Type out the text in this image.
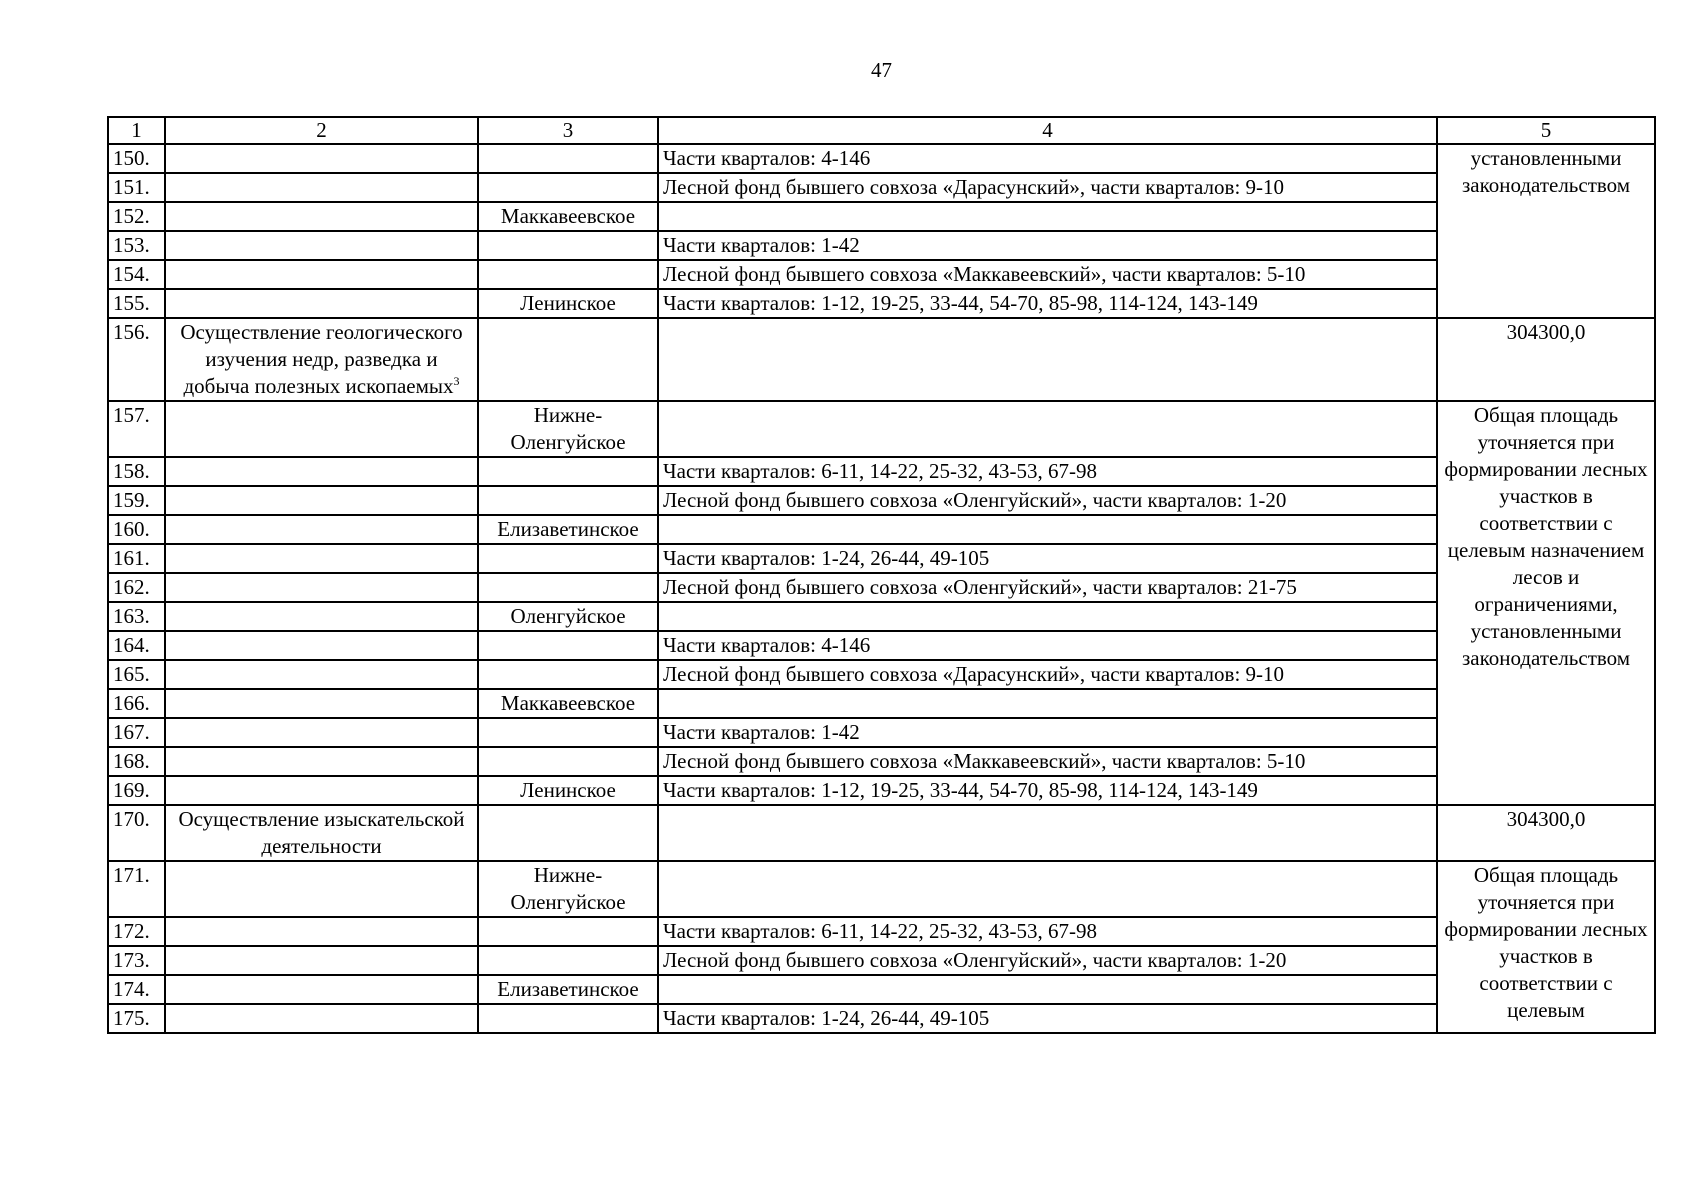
47
1	2	3	4	5
150.			Части кварталов: 4-146	установленными законодательством
151.			Лесной фонд бывшего совхоза «Дарасунский», части кварталов: 9-10	
152.		Маккавеевское		
153.			Части кварталов: 1-42	
154.			Лесной фонд бывшего совхоза «Маккавеевский», части кварталов: 5-10	
155.		Ленинское	Части кварталов: 1-12, 19-25, 33-44, 54-70, 85-98, 114-124, 143-149	
156.	Осуществление геологического изучения недр, разведка и добыча полезных ископаемых$^3$			304300,0
157.		Нижне-Оленгуйское		Общая площадь уточняется при формировании лесных участков в соответствии с целевым назначением лесов и ограничениями, установленными законодательством
158.			Части кварталов: 6-11, 14-22, 25-32, 43-53, 67-98	
159.			Лесной фонд бывшего совхоза «Оленгуйский», части кварталов: 1-20	
160.		Елизаветинское		
161.			Части кварталов: 1-24, 26-44, 49-105	
162.			Лесной фонд бывшего совхоза «Оленгуйский», части кварталов: 21-75	
163.		Оленгуйское		
164.			Части кварталов: 4-146	
165.			Лесной фонд бывшего совхоза «Дарасунский», части кварталов: 9-10	
166.		Маккавеевское		
167.			Части кварталов: 1-42	
168.			Лесной фонд бывшего совхоза «Маккавеевский», части кварталов: 5-10	
169.		Ленинское	Части кварталов: 1-12, 19-25, 33-44, 54-70, 85-98, 114-124, 143-149	
170.	Осуществление изыскательской деятельности			304300,0
171.		Нижне-Оленгуйское		Общая площадь уточняется при формировании лесных участков в соответствии с целевым
172.			Части кварталов: 6-11, 14-22, 25-32, 43-53, 67-98	
173.			Лесной фонд бывшего совхоза «Оленгуйский», части кварталов: 1-20	
174.		Елизаветинское		
175.			Части кварталов: 1-24, 26-44, 49-105	
